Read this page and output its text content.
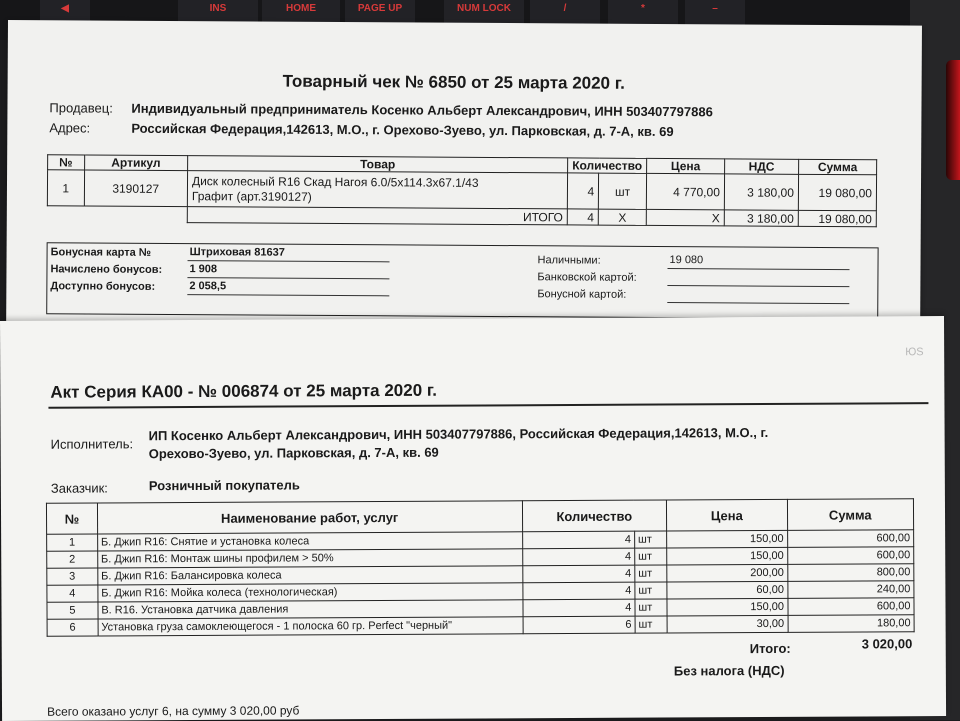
◀	INS	HOME	PAGE UP	NUM LOCK	/	*	–
Товарный чек № 6850 от 25 марта 2020 г.
Продавец: Индивидуальный предприниматель Косенко Альберт Александрович, ИНН 503407797886
Адрес:	Российская Федерация,142613, М.О., г. Орехово-Зуево, ул. Парковская, д. 7-А, кв. 69
№	Артикул	Товар	Количество		Цена	НДС	Сумма
1	3190127	Диск колесный R16 Скад Нагоя 6.0/5x114.3x67.1/43
Графит (арт.3190127)	4	шт	4 770,00	3 180,00	19 080,00
		ИТОГО	4	X	X	3 180,00	19 080,00
Бонусная карта №	Штриховая 81637
Начислено бонусов: 1 908
Доступно бонусов:	2 058,5
Наличными:	19 080
Банковской картой:
Бонусной картой:
Акт Серия КА00 - № 006874 от 25 марта 2020 г.
Исполнитель:
ИП Косенко Альберт Александрович, ИНН 503407797886, Российская Федерация,142613, М.О., г.
Орехово-Зуево, ул. Парковская, д. 7-А, кв. 69
Заказчик:	Розничный покупатель
№	Наименование работ, услуг	Количество		Цена	Сумма
1	Б. Джип R16: Снятие и установка колеса	4	шт	150,00	600,00
2	Б. Джип R16: Монтаж шины профилем > 50%	4	шт	150,00	600,00
3	Б. Джип R16: Балансировка колеса	4	шт	200,00	800,00
4	Б. Джип R16: Мойка колеса (технологическая)	4	шт	60,00	240,00
5	В. R16. Установка датчика давления	4	шт	150,00	600,00
6	Установка груза самоклеющегося - 1 полоска 60 гр. Perfect "черный"	6	шт	30,00	180,00
Итого:	3 020,00
Без налога (НДС)
Всего оказано услуг 6, на сумму 3 020,00 руб
ЮS
